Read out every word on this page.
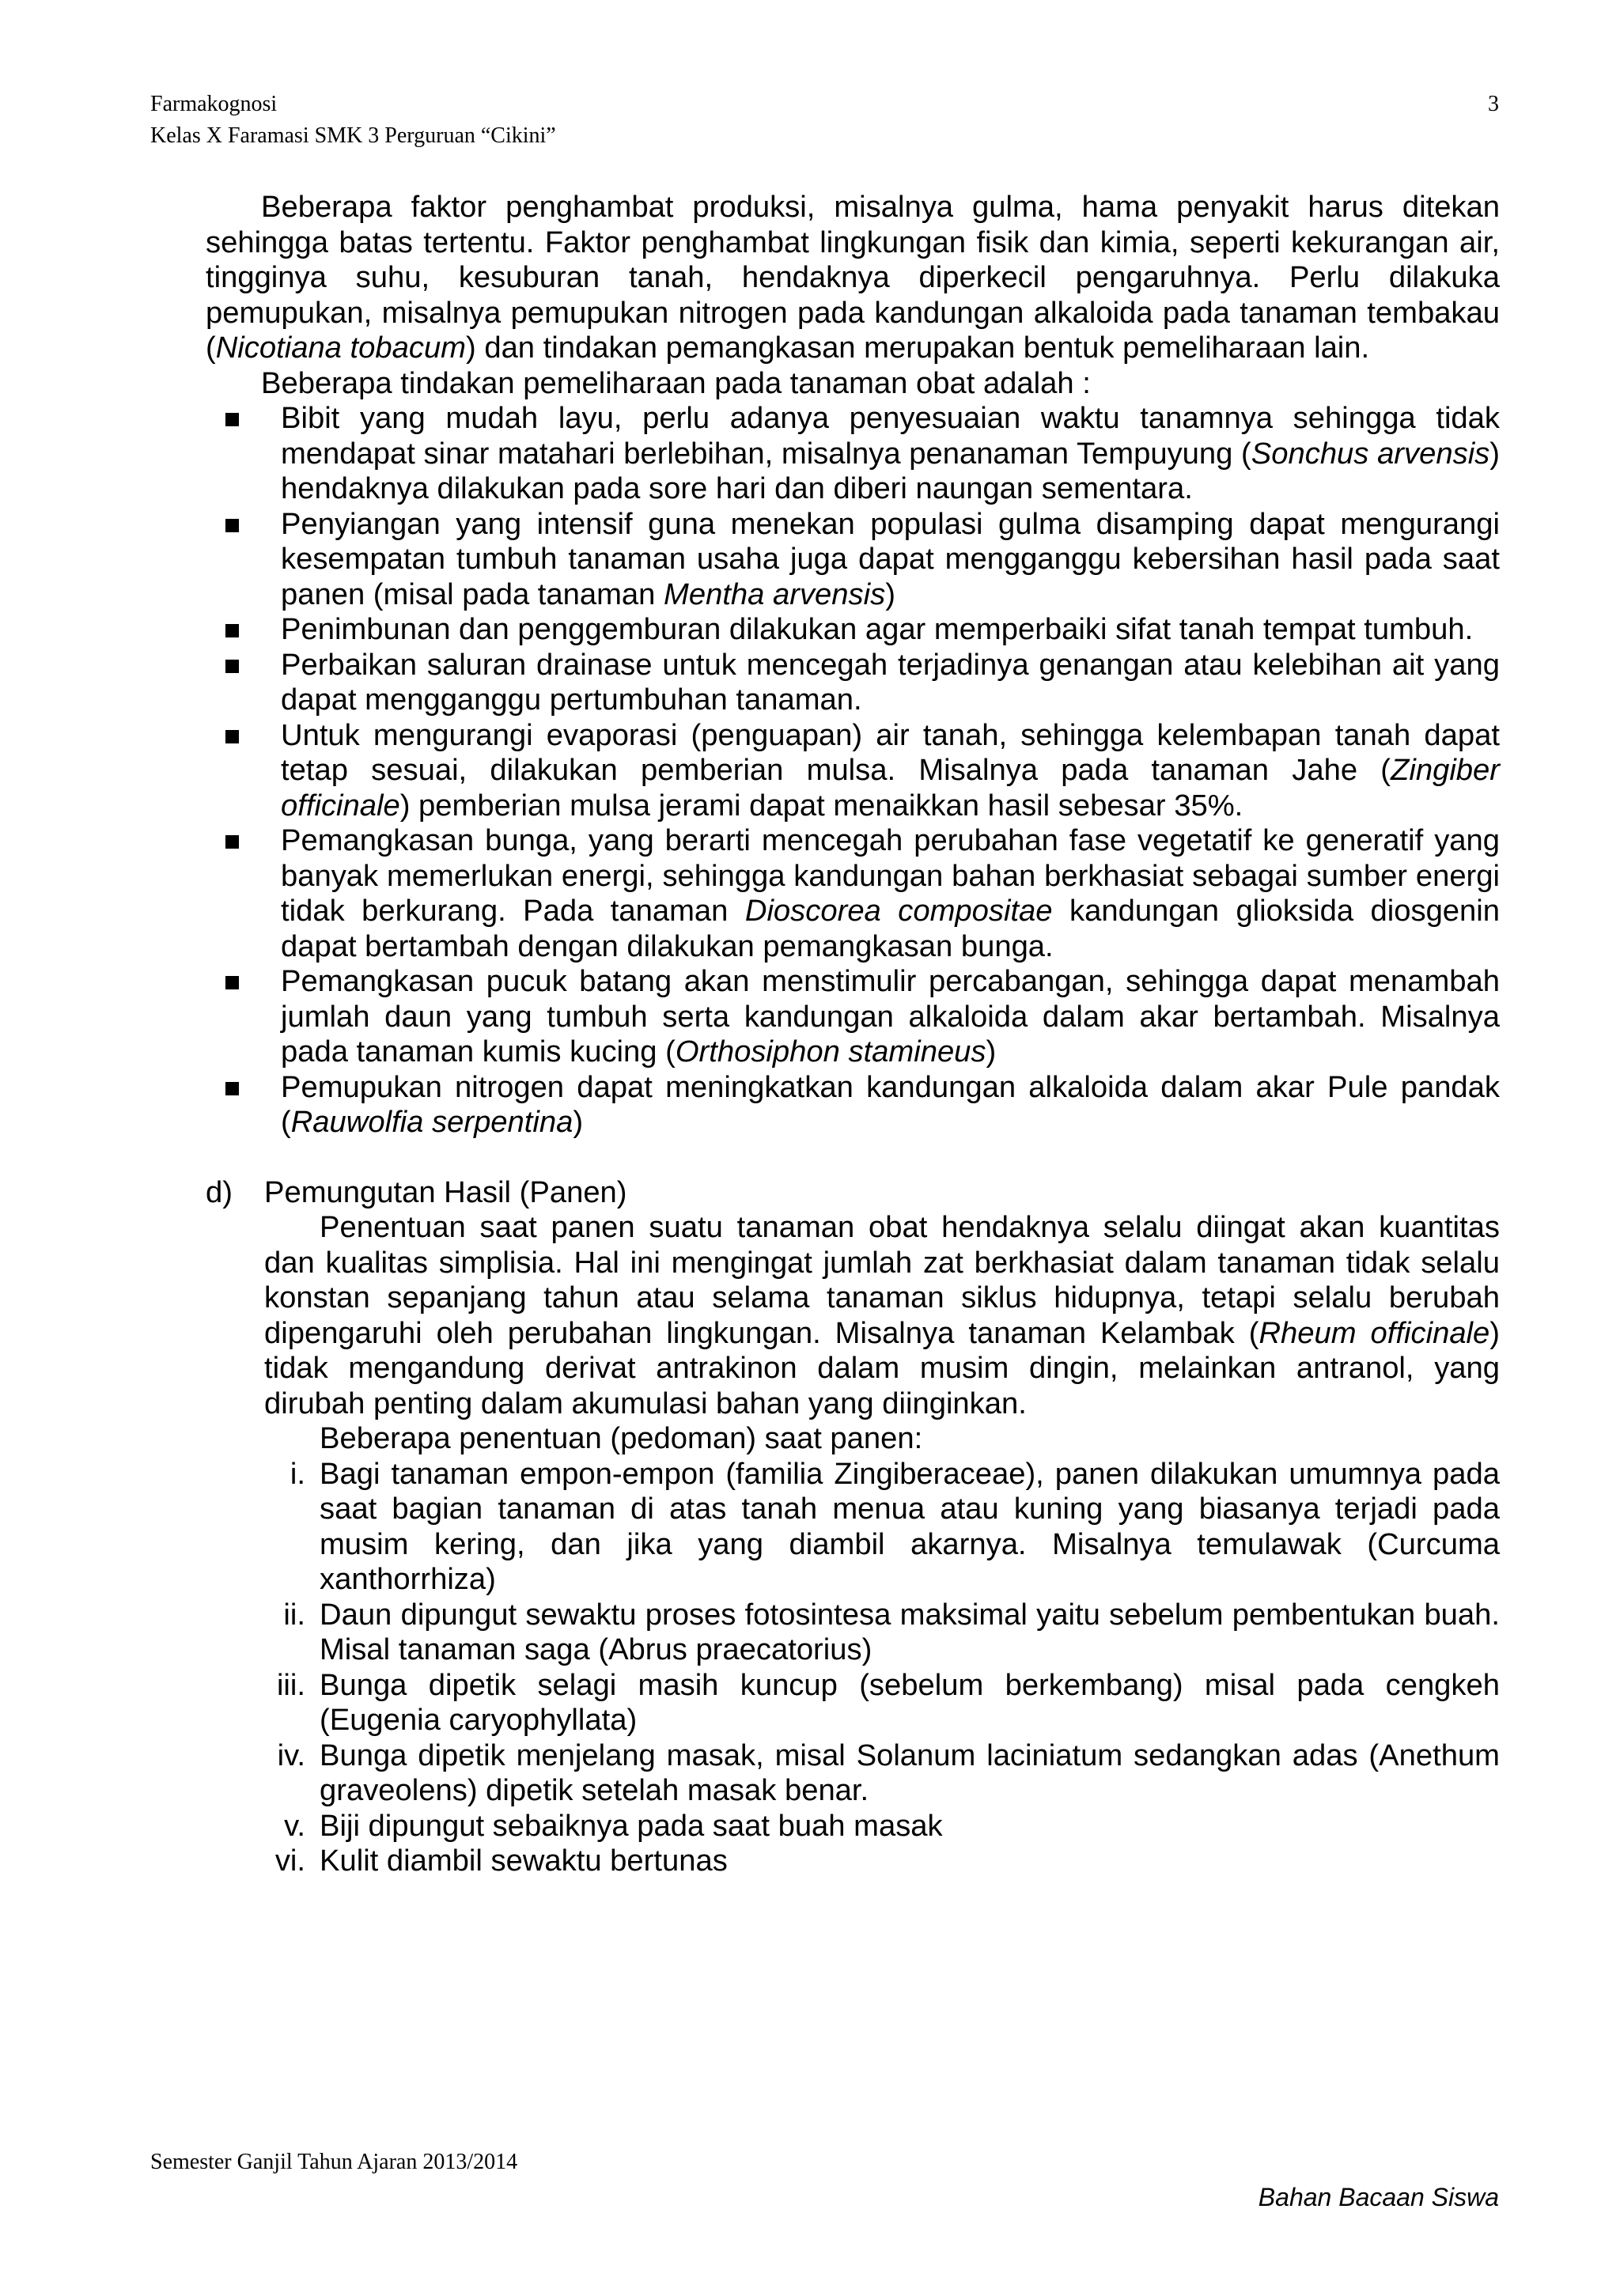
Farmakognosi
Kelas X Faramasi SMK 3 Perguruan “Cikini”
3

Beberapa faktor penghambat produksi, misalnya gulma, hama penyakit harus ditekan sehingga batas tertentu. Faktor penghambat lingkungan fisik dan kimia, seperti kekurangan air, tingginya suhu, kesuburan tanah, hendaknya diperkecil pengaruhnya. Perlu dilakuka pemupukan, misalnya pemupukan nitrogen pada kandungan alkaloida pada tanaman tembakau (Nicotiana tobacum) dan tindakan pemangkasan merupakan bentuk pemeliharaan lain.

Beberapa tindakan pemeliharaan pada tanaman obat adalah :

Bibit yang mudah layu, perlu adanya penyesuaian waktu tanamnya sehingga tidak mendapat sinar matahari berlebihan, misalnya penanaman Tempuyung (Sonchus arvensis) hendaknya dilakukan pada sore hari dan diberi naungan sementara.
Penyiangan yang intensif guna menekan populasi gulma disamping dapat mengurangi kesempatan tumbuh tanaman usaha juga dapat mengganggu kebersihan hasil pada saat panen (misal pada tanaman Mentha arvensis)
Penimbunan dan penggemburan dilakukan agar memperbaiki sifat tanah tempat tumbuh.
Perbaikan saluran drainase untuk mencegah terjadinya genangan atau kelebihan ait yang dapat mengganggu pertumbuhan tanaman.
Untuk mengurangi evaporasi (penguapan) air tanah, sehingga kelembapan tanah dapat tetap sesuai, dilakukan pemberian mulsa. Misalnya pada tanaman Jahe (Zingiber officinale) pemberian mulsa jerami dapat menaikkan hasil sebesar 35%.
Pemangkasan bunga, yang berarti mencegah perubahan fase vegetatif ke generatif yang banyak memerlukan energi, sehingga kandungan bahan berkhasiat sebagai sumber energi tidak berkurang. Pada tanaman Dioscorea compositae kandungan glioksida diosgenin dapat bertambah dengan dilakukan pemangkasan bunga.
Pemangkasan pucuk batang akan menstimulir percabangan, sehingga dapat menambah jumlah daun yang tumbuh serta kandungan alkaloida dalam akar bertambah. Misalnya pada tanaman kumis kucing (Orthosiphon stamineus)
Pemupukan nitrogen dapat meningkatkan kandungan alkaloida dalam akar Pule pandak (Rauwolfia serpentina)
d) Pemungutan Hasil (Panen)

Penentuan saat panen suatu tanaman obat hendaknya selalu diingat akan kuantitas dan kualitas simplisia. Hal ini mengingat jumlah zat berkhasiat dalam tanaman tidak selalu konstan sepanjang tahun atau selama tanaman siklus hidupnya, tetapi selalu berubah dipengaruhi oleh perubahan lingkungan. Misalnya tanaman Kelambak (Rheum officinale) tidak mengandung derivat antrakinon dalam musim dingin, melainkan antranol, yang dirubah penting dalam akumulasi bahan yang diinginkan.

Beberapa penentuan (pedoman) saat panen:

i. Bagi tanaman empon-empon (familia Zingiberaceae), panen dilakukan umumnya pada saat bagian tanaman di atas tanah menua atau kuning yang biasanya terjadi pada musim kering, dan jika yang diambil akarnya. Misalnya temulawak (Curcuma xanthorrhiza)
ii. Daun dipungut sewaktu proses fotosintesa maksimal yaitu sebelum pembentukan buah. Misal tanaman saga (Abrus praecatorius)
iii. Bunga dipetik selagi masih kuncup (sebelum berkembang) misal pada cengkeh (Eugenia caryophyllata)
iv. Bunga dipetik menjelang masak, misal Solanum laciniatum sedangkan adas (Anethum graveolens) dipetik setelah masak benar.
v. Biji dipungut sebaiknya pada saat buah masak
vi. Kulit diambil sewaktu bertunas
Semester Ganjil Tahun Ajaran 2013/2014
Bahan Bacaan Siswa
